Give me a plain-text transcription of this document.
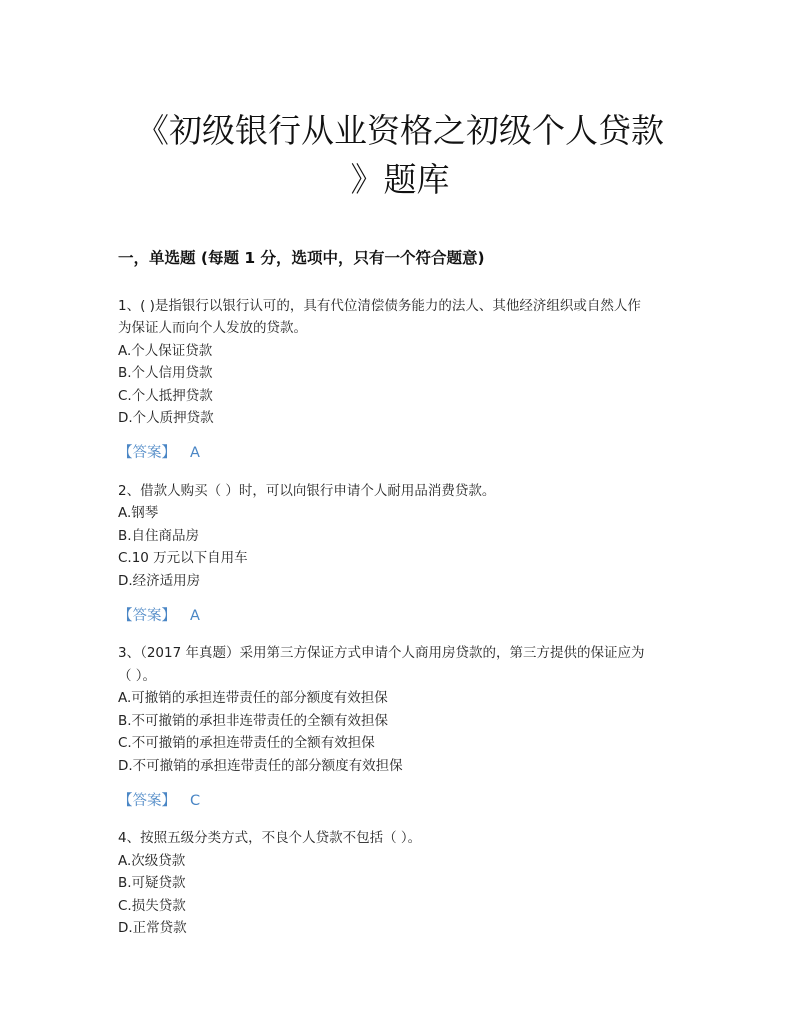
《初级银行从业资格之初级个人贷款
》题库
一，单选题 (每题 1 分，选项中，只有一个符合题意)
1、( )是指银行以银行认可的，具有代位清偿债务能力的法人、其他经济组织或自然人作
为保证人而向个人发放的贷款。
A.个人保证贷款
B.个人信用贷款
C.个人抵押贷款
D.个人质押贷款
【答案】 A
2、借款人购买（ ）时，可以向银行申请个人耐用品消费贷款。
A.钢琴
B.自住商品房
C.10 万元以下自用车
D.经济适用房
【答案】 A
3、（2017 年真题）采用第三方保证方式申请个人商用房贷款的，第三方提供的保证应为
（ ）。
A.可撤销的承担连带责任的部分额度有效担保
B.不可撤销的承担非连带责任的全额有效担保
C.不可撤销的承担连带责任的全额有效担保
D.不可撤销的承担连带责任的部分额度有效担保
【答案】 C
4、按照五级分类方式，不良个人贷款不包括（ ）。
A.次级贷款
B.可疑贷款
C.损失贷款
D.正常贷款
